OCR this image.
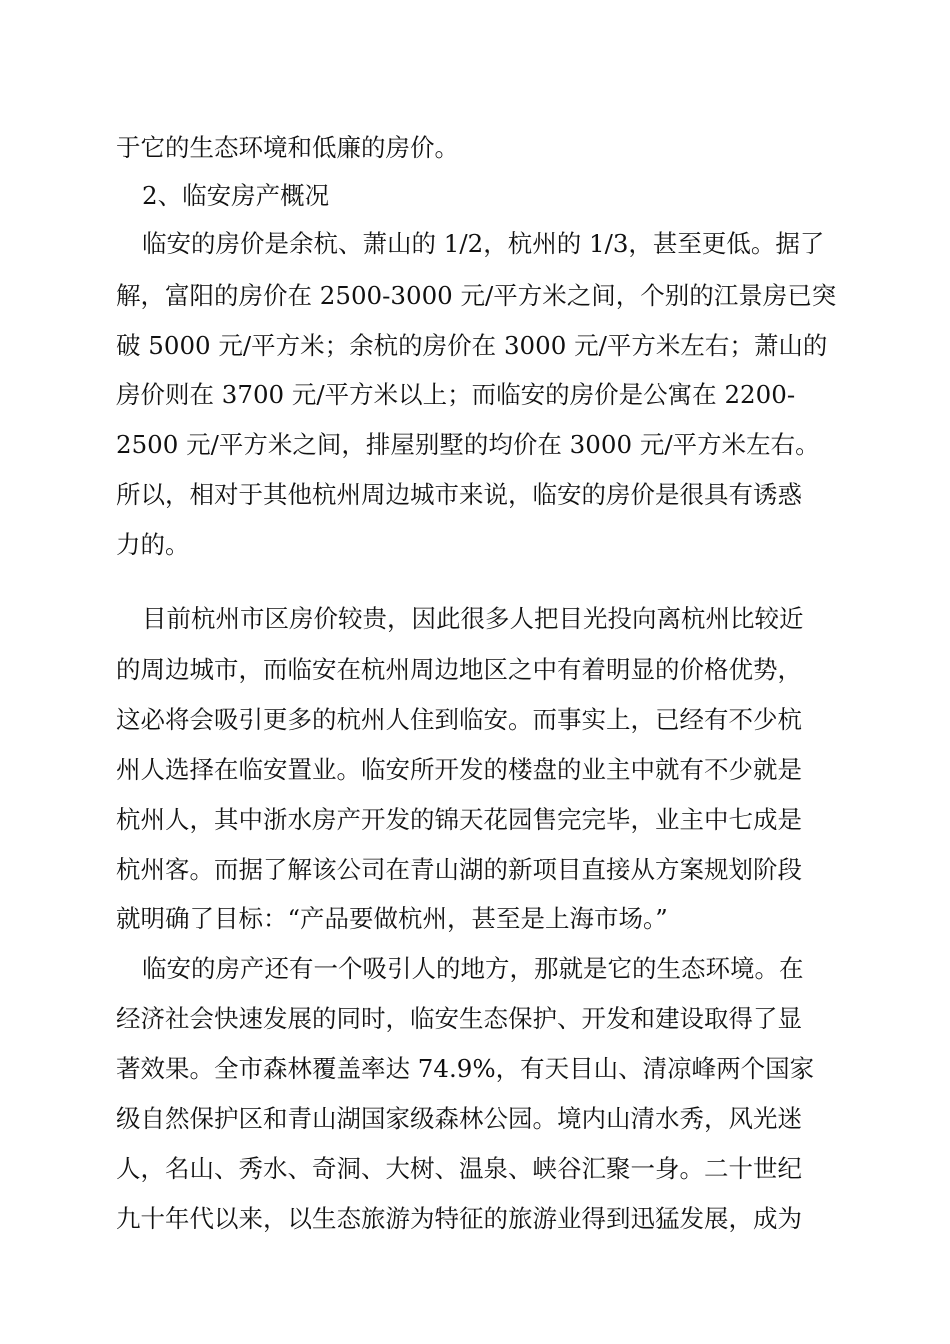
于它的生态环境和低廉的房价。
2、临安房产概况
临安的房价是余杭、萧山的 1/2，杭州的 1/3，甚至更低。据了
解，富阳的房价在 2500-3000 元/平方米之间，个别的江景房已突
破 5000 元/平方米；余杭的房价在 3000 元/平方米左右；萧山的
房价则在 3700 元/平方米以上；而临安的房价是公寓在 2200-
2500 元/平方米之间，排屋别墅的均价在 3000 元/平方米左右。
所以，相对于其他杭州周边城市来说，临安的房价是很具有诱惑
力的。
目前杭州市区房价较贵，因此很多人把目光投向离杭州比较近
的周边城市，而临安在杭州周边地区之中有着明显的价格优势，
这必将会吸引更多的杭州人住到临安。而事实上，已经有不少杭
州人选择在临安置业。临安所开发的楼盘的业主中就有不少就是
杭州人，其中浙水房产开发的锦天花园售完完毕，业主中七成是
杭州客。而据了解该公司在青山湖的新项目直接从方案规划阶段
就明确了目标：“产品要做杭州，甚至是上海市场。”
临安的房产还有一个吸引人的地方，那就是它的生态环境。在
经济社会快速发展的同时，临安生态保护、开发和建设取得了显
著效果。全市森林覆盖率达 74.9%，有天目山、清凉峰两个国家
级自然保护区和青山湖国家级森林公园。境内山清水秀，风光迷
人，名山、秀水、奇洞、大树、温泉、峡谷汇聚一身。二十世纪
九十年代以来，以生态旅游为特征的旅游业得到迅猛发展，成为
